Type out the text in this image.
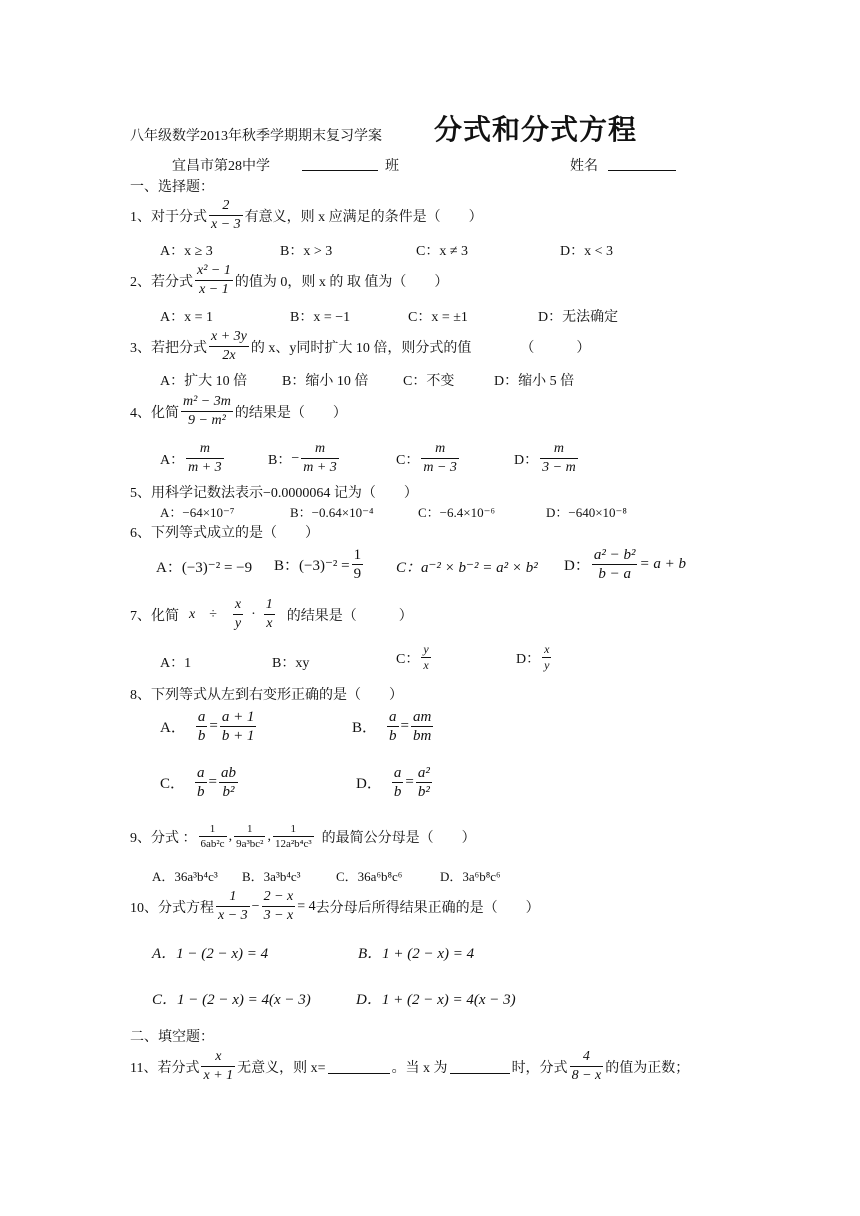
八年级数学2013年秋季学期期末复习学案 分式和分式方程
宜昌市第28中学	班	姓名
一、选择题：
1、对于分式 $\frac{2}{x - 3}$ 有意义，则 x 应满足的条件是（　　）
A：x ≥ 3	B：x > 3	C：x ≠ 3	D：x < 3
2、若分式 $\frac{\text{x² − 1}}{x - 1}$ 的值为 0，则 x 的 取 值为（　　）
A：x = 1	B：x = −1	C：x = ±1	D：无法确定
3、若把分式 $\frac{x + 3y}{2x}$ 的 x、y同时扩大 10 倍，则分式的值　　　　（　　　）
A：扩大 10 倍 B：缩小 10 倍 C：不变	D：缩小 5 倍
4、化简 $\frac{\text{m² − 3m}}{\text{9 − m²}}$ 的结果是（　　）
A： $\frac{m}{m + 3}$	B： − $\frac{m}{m + 3}$	C： $\frac{m}{m - 3}$	D： $\frac{m}{3 - m}$
5、用科学记数法表示−0.0000064 记为（　　）
A：−64×10⁻⁷	B：−0.64×10⁻⁴	C：−6.4×10⁻⁶	D：−640×10⁻⁸
6、下列等式成立的是（　　）
A：(−3)⁻² = −9 B：$(-3)^{-2} = \frac{1}{9}$ C：a⁻² × b⁻² = a² × b² D： $\frac{\text{a² − b²}}{b - a} = a + b$
7、化简 $x \div \frac{x}{y} \cdot \frac{1}{x}$ 的结果是（　　　）
A：1	B：xy	C： $\frac{y}{x}$	D： $\frac{x}{y}$
8、下列等式从左到右变形正确的是（　　）
A． $\frac{a}{b} = \frac{a + 1}{b + 1}$	B． $\frac{a}{b} = \frac{am}{bm}$
C． $\frac{a}{b} = \frac{ab}{\text{b²}}$	D． $\frac{a}{b} = \frac{\text{a²}}{\text{b²}}$
9、分式 ： $\frac{1}{\text{6ab²c}}$ , $\frac{1}{\text{9a³bc²}}$ , $\frac{1}{\text{12a²b⁴c³}}$ 的最简公分母是（　　）
A．36a³b⁴c³ B．3a³b⁴c³	C．36a⁶b⁸c⁶	D．3a⁶b⁸c⁶
10、分式方程 $\frac{1}{x - 3} - \frac{2 - x}{3 - x} = 4$ 去分母后所得结果正确的是（　　）
A．1 − (2 − x) = 4	B．1 + (2 − x) = 4
C．1 − (2 − x) = 4(x − 3)	D．1 + (2 − x) = 4(x − 3)
二、填空题：
11、若分式 $\frac{x}{x + 1}$ 无意义，则 x=	。当 x 为	时，分式 $\frac{4}{8 - x}$ 的值为正数；
